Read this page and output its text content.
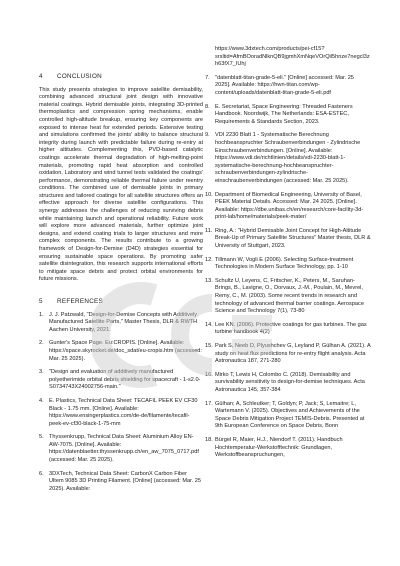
4	CONCLUSION

This study presents strategies to improve satellite demisability, combining advanced structural joint design with innovative material coatings. Hybrid demisable joints, integrating 3D-printed thermoplastics and compression spring mechanisms, enable controlled high-altitude breakup, ensuring key components are exposed to intense heat for extended periods. Extensive testing and simulations confirmed the joints' ability to balance structural integrity during launch with predictable failure during re-entry at higher altitudes. Complementing this, PVD-based catalytic coatings accelerate thermal degradation of high-melting-point materials, promoting rapid heat absorption and controlled oxidation. Laboratory and wind tunnel tests validated the coatings' performance, demonstrating reliable thermal failure under reentry conditions. The combined use of demisable joints in primary structures and tailored coatings for all satellite structures offers an effective approach for diverse satellite configurations. This synergy addresses the challenges of reducing surviving debris while maintaining launch and operational reliability. Future work will explore more advanced materials, further optimize joint designs, and extend coating trials to larger structures and more complex components. The results contribute to a growing framework of Design-for-Demise (D4D) strategies essential for ensuring sustainable space operations. By promoting safer satellite disintegration, this research supports international efforts to mitigate space debris and protect orbital environments for future missions.

5	REFERENCES
1. J. J. Patzwald, "Design-for-Demise Concepts with Additively Manufactured Satellite Parts," Master Thesis, DLR & RWTH Aachen University, 2021.
2. Gunter's Space Page. Eu:CROPIS. [Online]. Available: https://space.skyrocket.de/doc_sdat/eu-cropis.htm (accessed: Mar. 25 2025).
3. "Design and evaluation of additively manufactured polyetherimide orbital debris shielding for spacecraft - 1-s2.0-S0734743X24002756-main."
4. E. Plastics, Technical Data Sheet: TECAFIL PEEK EV CF30 Black - 1.75 mm. [Online]. Available: https://www.ensingerplastics.com/de-de/filamente/tecafil-peek-ev-cf30-black-1-75-mm
5. Thyssenkrupp, Technical Data Sheet: Aluminium Alloy EN-AW-7075. [Online]. Available: https://datenblaetter.thyssenkrupp.ch/en_aw_7075_0717.pdf (accessed: Mar. 25 2025).
6. 3DXTech, Technical Data Sheet: CarbonX Carbon Fiber Ultem 9085 3D Printing Filament. [Online] (accessed: Mar. 25 2025). Available:
https://www.3dxtech.com/products/pei-cf15?srsltid=AfmBOoradNlknQB9jgmhXmNqeVOrQil5hnze7negcl3zh63fX7_IUhj
7. "datenblatt-titan-grade-5-eli." [Online] accessed: Mar. 25 2025]. Available: https://hwn-titan.com/wp-content/uploads/datenblatt-titan-grade-5-eli.pdf
8. E. Secretariat, Space Engineering: Threaded Fasteners Handbook. Noordwijk, The Netherlands: ESA-ESTEC, Requirements & Standards Section, 2023.
9. VDI 2230 Blatt 1 - Systematische Berechnung hochbeanspruchter Schraubenverbindungen - Zylindrische Einschraubenverbindungen. [Online]. Available: https://www.vdi.de/richtlinien/details/vdi-2230-blatt-1-systematische-berechnung-hochbeanspruchter-schraubenverbindungen-zylindrische-einschraubenverbindungen (accessed: Mar. 25 2025).
10. Department of Biomedical Engineering, University of Basel, PEEK Material Details. Accessed: Mar. 24 2025. [Online]. Available: https://dbe.unibas.ch/en/research/core-facility-3d-print-lab/home/materials/peek-mater/
11. Ring, A.: "Hybrid Demisable Joint Concept for High-Altitude Break-Up of Primary Satellite Structures" Master thesis, DLR & University of Stuttgart, 2023.
12. Tillmann W, Vogli E (2006). Selecting Surface-treatment Technologies in Modern Surface Technology, pp. 1-10
13. Schultz U, Leyens, C, Fritscher, K., Peters, M., Saruhan-Brings, B., Lavigne, O., Dorvaux, J.-M., Poulain, M., Mevrel, Remy, C., M. (2003). Some recent trends in research and technology of advanced thermal barrier coatings. Aerospace Science and Technology 7(1), 73-80
14. Lee KN. (2006). Protective coatings for gas turbines. The gas turbine handbook 4(2)
15. Park S, Neeb D, Plyushchev G, Leyland P, Gülhan A. (2021). A study on heat flux predictions for re-entry flight analysis. Acta Astronautica 187, 271-280
16. Mirko T, Lewis H, Colombo C. (2018). Demisability and survivability sensitivity to design-for-demise techniques. Acta Astronautica 145, 357-384
17. Gülhan; A, Schleutker; T, Goldyn; P, Jack; S, Lemaitre; L, Wartemann V. (2025). Objectives and Achievements of the Space Debris Mitigation Project TEMIS-Debris. Presented at 9th European Conference on Space Debris, Bonn
18. Bürgel R, Maier, H.J., Niendorf T. (2011). Handbuch Hochtemperatur-Werkstofftechnik: Grundlagen, Werkstoffbeanspruchungen,
